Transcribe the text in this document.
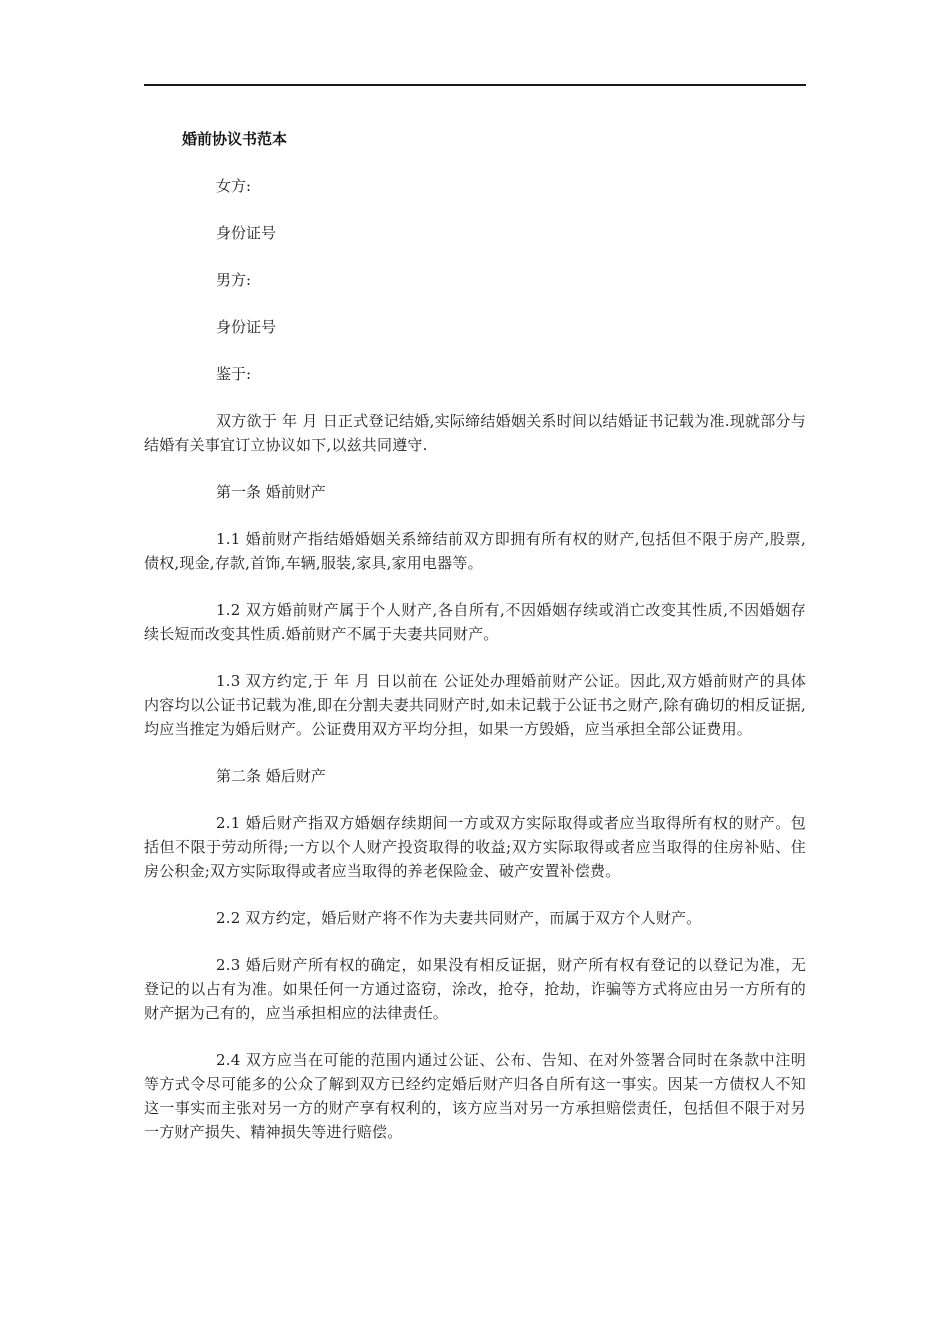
婚前协议书范本
女方:
身份证号
男方:
身份证号
鉴于:

双方欲于 年 月 日正式登记结婚,实际缔结婚姻关系时间以结婚证书记载为准.现就部分与结婚有关事宜订立协议如下,以兹共同遵守.

第一条 婚前财产

1.1 婚前财产指结婚婚姻关系缔结前双方即拥有所有权的财产,包括但不限于房产,股票,债权,现金,存款,首饰,车辆,服装,家具,家用电器等。

1.2 双方婚前财产属于个人财产,各自所有,不因婚姻存续或消亡改变其性质,不因婚姻存续长短而改变其性质.婚前财产不属于夫妻共同财产。

1.3 双方约定,于 年 月 日以前在 公证处办理婚前财产公证。因此,双方婚前财产的具体内容均以公证书记载为准,即在分割夫妻共同财产时,如未记载于公证书之财产,除有确切的相反证据,均应当推定为婚后财产。公证费用双方平均分担，如果一方毁婚，应当承担全部公证费用。

第二条 婚后财产

2.1 婚后财产指双方婚姻存续期间一方或双方实际取得或者应当取得所有权的财产。包括但不限于劳动所得;一方以个人财产投资取得的收益;双方实际取得或者应当取得的住房补贴、住房公积金;双方实际取得或者应当取得的养老保险金、破产安置补偿费。

2.2 双方约定，婚后财产将不作为夫妻共同财产，而属于双方个人财产。

2.3 婚后财产所有权的确定，如果没有相反证据，财产所有权有登记的以登记为准，无登记的以占有为准。如果任何一方通过盗窃，涂改，抢夺，抢劫，诈骗等方式将应由另一方所有的财产据为己有的，应当承担相应的法律责任。

2.4 双方应当在可能的范围内通过公证、公布、告知、在对外签署合同时在条款中注明等方式令尽可能多的公众了解到双方已经约定婚后财产归各自所有这一事实。因某一方债权人不知这一事实而主张对另一方的财产享有权利的，该方应当对另一方承担赔偿责任，包括但不限于对另一方财产损失、精神损失等进行赔偿。
